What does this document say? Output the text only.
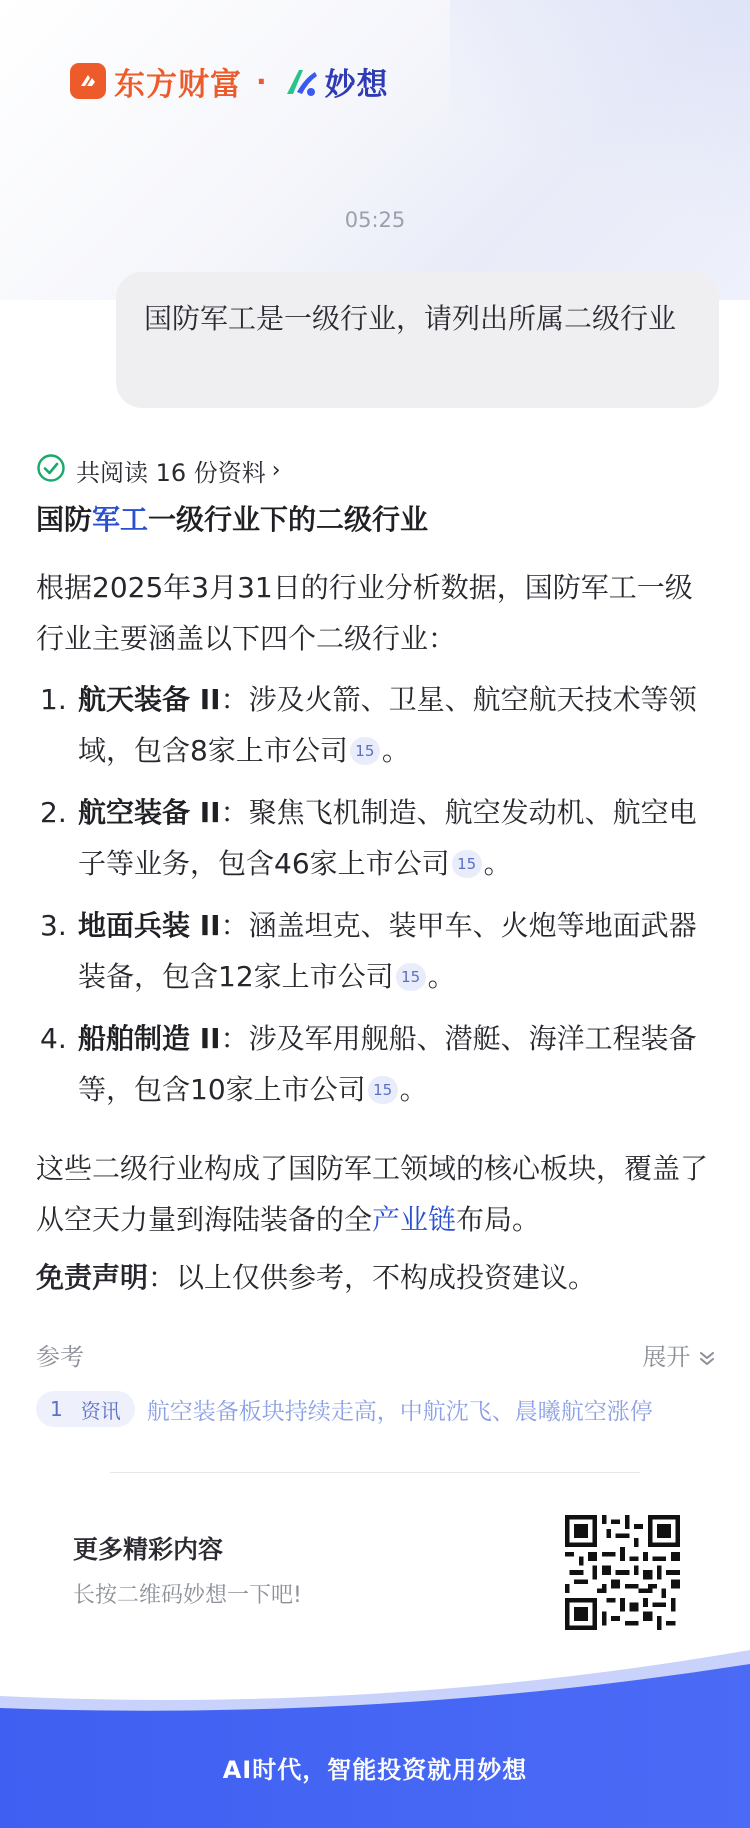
东方财富 · 妙想
05:25
国防军工是一级行业，请列出所属二级行业
共阅读 16 份资料 ›
国防军工一级行业下的二级行业
根据2025年3月31日的行业分析数据，国防军工一级行业主要涵盖以下四个二级行业：
1. 航天装备 II：涉及火箭、卫星、航空航天技术等领域，包含8家上市公司 15 。
2. 航空装备 II：聚焦飞机制造、航空发动机、航空电子等业务，包含46家上市公司 15 。
3. 地面兵装 II：涵盖坦克、装甲车、火炮等地面武器装备，包含12家上市公司 15 。
4. 船舶制造 II：涉及军用舰船、潜艇、海洋工程装备等，包含10家上市公司 15 。
这些二级行业构成了国防军工领域的核心板块，覆盖了从空天力量到海陆装备的全产业链布局。
免责声明：以上仅供参考，不构成投资建议。
参考	展开
1 资讯 航空装备板块持续走高，中航沈飞、晨曦航空涨停
更多精彩内容
长按二维码妙想一下吧!
AI时代，智能投资就用妙想
